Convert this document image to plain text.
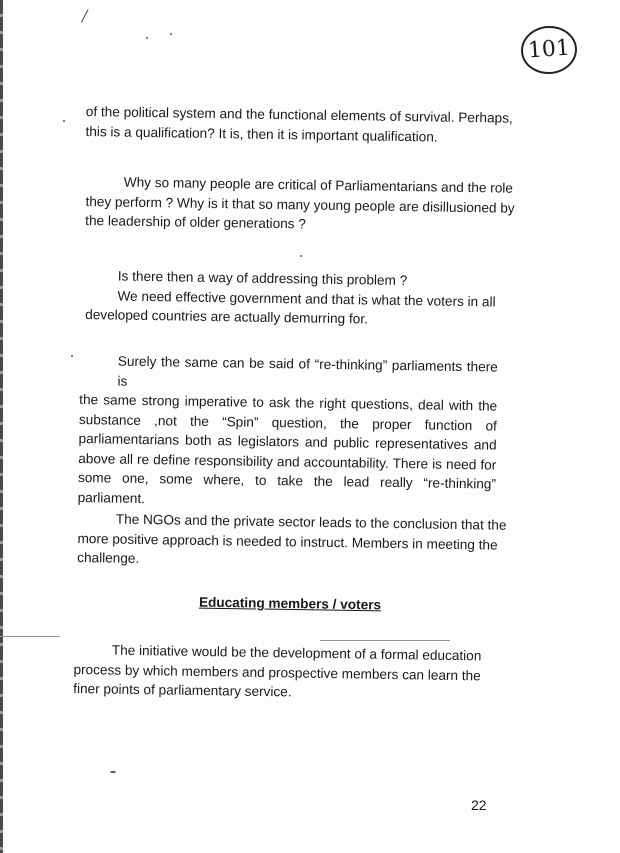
/
101
of the political system and the functional elements of survival. Perhaps,
this is a qualification? It is, then it is important qualification.
Why so many people are critical of Parliamentarians and the role
they perform ? Why is it that so many young people are disillusioned by
the leadership of older generations ?
Is there then a way of addressing this problem ?
We need effective government and that is what the voters in all
developed countries are actually demurring for.
Surely the same can be said of “re-thinking” parliaments there is
the same strong imperative to ask the right questions, deal with the
substance ,not the “Spin” question, the proper function of
parliamentarians both as legislators and public representatives and
above all re define responsibility and accountability. There is need for
some one, some where, to take the lead really “re-thinking” parliament.
The NGOs and the private sector leads to the conclusion that the
more positive approach is needed to instruct. Members in meeting the
challenge.
Educating members / voters
The initiative would be the development of a formal education
process by which members and prospective members can learn the
finer points of parliamentary service.
22
